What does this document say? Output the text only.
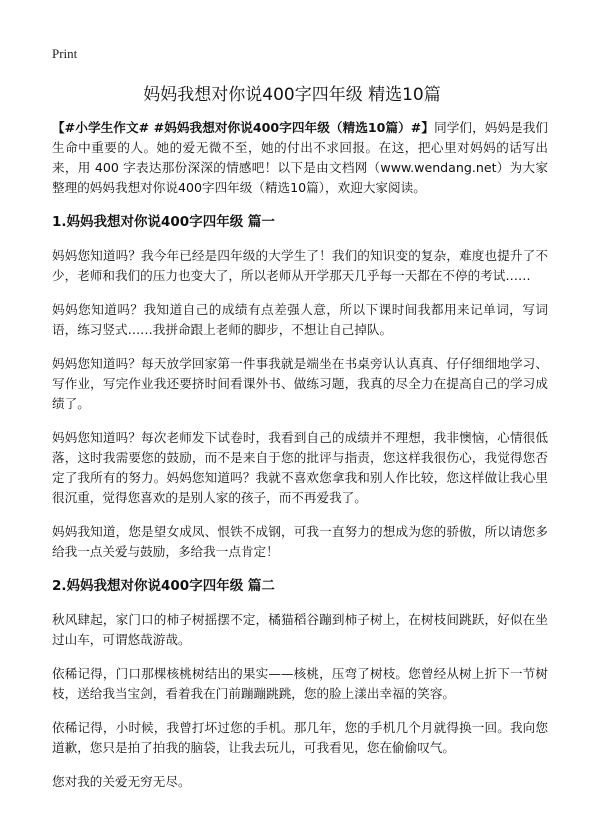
Print
妈妈我想对你说400字四年级 精选10篇

【#小学生作文# #妈妈我想对你说400字四年级（精选10篇）#】同学们，妈妈是我们生命中重要的人。她的爱无微不至，她的付出不求回报。在这，把心里对妈妈的话写出来，用 400 字表达那份深深的情感吧！以下是由文档网（www.wendang.net）为大家整理的妈妈我想对你说400字四年级（精选10篇），欢迎大家阅读。

1.妈妈我想对你说400字四年级 篇一

妈妈您知道吗？我今年已经是四年级的大学生了！我们的知识变的复杂，难度也提升了不少，老师和我们的压力也变大了，所以老师从开学那天几乎每一天都在不停的考试……

妈妈您知道吗？我知道自己的成绩有点差强人意，所以下课时间我都用来记单词，写词语，练习竖式……我拼命跟上老师的脚步，不想让自己掉队。

妈妈您知道吗？每天放学回家第一件事我就是端坐在书桌旁认认真真、仔仔细细地学习、写作业，写完作业我还要挤时间看课外书、做练习题，我真的尽全力在提高自己的学习成绩了。

妈妈您知道吗？每次老师发下试卷时，我看到自己的成绩并不理想，我非懊恼，心情很低落，这时我需要您的鼓励，而不是来自于您的批评与指责，您这样我很伤心，我觉得您否定了我所有的努力。妈妈您知道吗？我就不喜欢您拿我和别人作比较，您这样做让我心里很沉重，觉得您喜欢的是别人家的孩子，而不再爱我了。

妈妈我知道，您是望女成凤、恨铁不成钢，可我一直努力的想成为您的骄傲，所以请您多给我一点关爱与鼓励，多给我一点肯定！

2.妈妈我想对你说400字四年级 篇二

秋风肆起，家门口的柿子树摇摆不定，橘猫稻谷蹦到柿子树上，在树枝间跳跃，好似在坐过山车，可谓悠哉游哉。

依稀记得，门口那棵核桃树结出的果实——核桃，压弯了树枝。您曾经从树上折下一节树枝，送给我当宝剑，看着我在门前蹦蹦跳跳，您的脸上漾出幸福的笑容。

依稀记得，小时候，我曾打坏过您的手机。那几年，您的手机几个月就得换一回。我向您道歉，您只是拍了拍我的脑袋，让我去玩儿，可我看见，您在偷偷叹气。

您对我的关爱无穷无尽。
